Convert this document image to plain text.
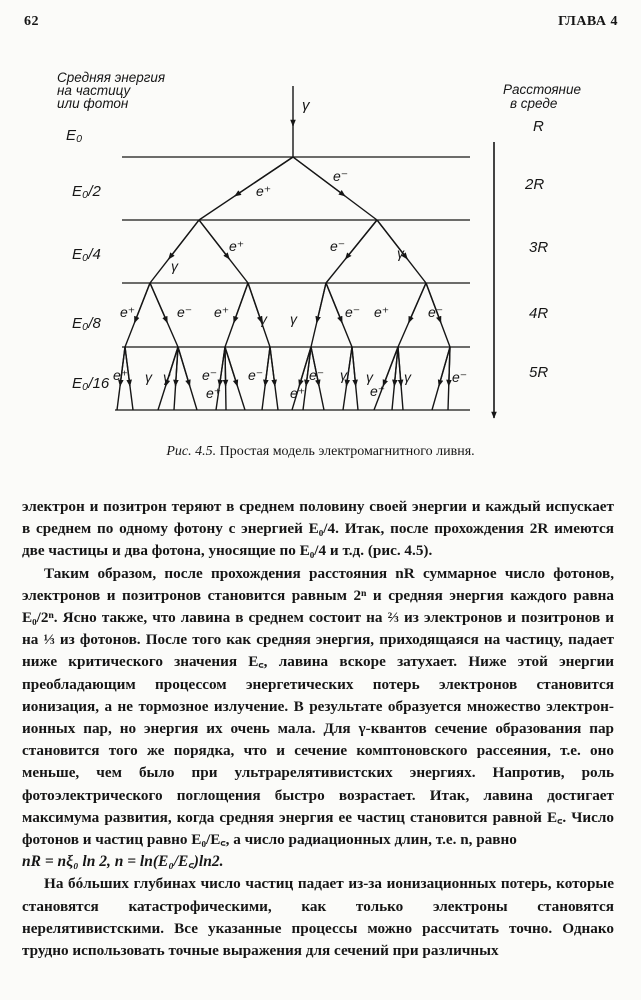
62	ГЛАВА 4
Средняя энергия
на частицу
или фотон
Расстояние
в среде
E₀
E₀/2
E₀/4
E₀/8
E₀/16
R
2R
3R
4R
5R
γ
e⁺
e⁻
γ
e⁺	e⁻	γ
e⁺	e⁻ e⁺ γ γ	e⁻ e⁺	e⁻
e⁺ γ γ e⁻
e⁺
e⁻
e⁺
e⁻ γ γ
e⁺
γ	e⁻
Рис. 4.5. Простая модель электромагнитного ливня.

электрон и позитрон теряют в среднем половину своей энергии и каждый испускает в среднем по одному фотону с энергией E₀/4. Итак, после прохождения 2R имеются две частицы и два фотона, уносящие по E₀/4 и т.д. (рис. 4.5).

Таким образом, после прохождения расстояния nR суммарное число фотонов, электронов и позитронов становится равным 2ⁿ и средняя энергия каждого равна E₀/2ⁿ. Ясно также, что лавина в среднем состоит на ⅔ из электронов и позитронов и на ⅓ из фотонов. После того как средняя энергия, приходящаяся на частицу, падает ниже критического значения E꜀, лавина вскоре затухает. Ниже этой энергии преобладающим процессом энергетических потерь электронов становится ионизация, а не тормозное излучение. В результате образуется множество электрон-ионных пар, но энергия их очень мала. Для γ-квантов сечение образования пар становится того же порядка, что и сечение комптоновского рассеяния, т.е. оно меньше, чем было при ультрарелятивистских энергиях. Напротив, роль фотоэлектрического поглощения быстро возрастает. Итак, лавина достигает максимума развития, когда средняя энергия ее частиц становится равной E꜀. Число фотонов и частиц равно E₀/E꜀, а число радиационных длин, т.е. n, равно

nR = nξ₀ ln 2, n = ln(E₀/E꜀)ln2.

На бóльших глубинах число частиц падает из-за ионизационных потерь, которые становятся катастрофическими, как только электроны становятся нерелятивистскими. Все указанные процессы можно рассчитать точно. Однако трудно использовать точные выражения для сечений при различных
